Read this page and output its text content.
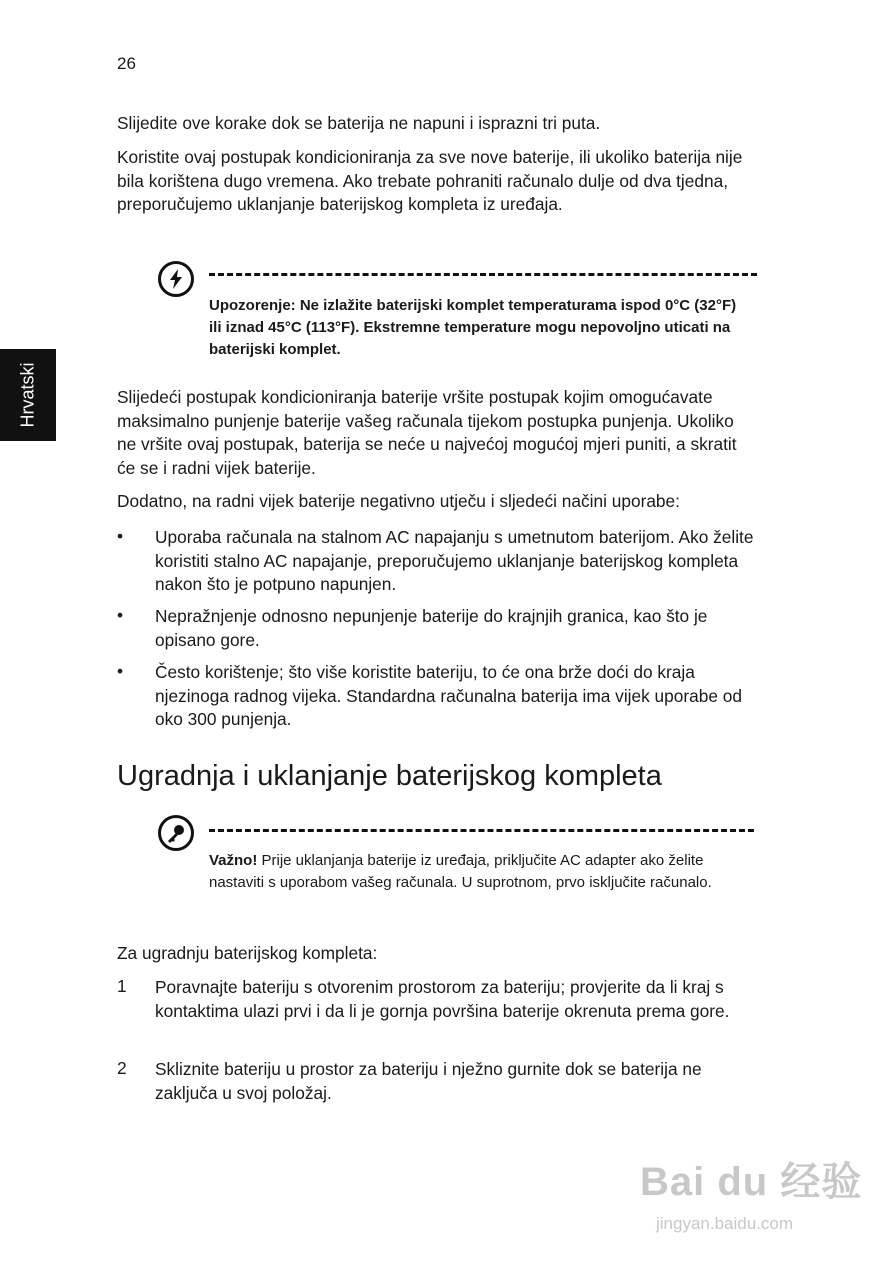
26
Hrvatski

Slijedite ove korake dok se baterija ne napuni i isprazni tri puta.

Koristite ovaj postupak kondicioniranja za sve nove baterije, ili ukoliko baterija nije bila korištena dugo vremena. Ako trebate pohraniti računalo dulje od dva tjedna, preporučujemo uklanjanje baterijskog kompleta iz uređaja.

Upozorenje: Ne izlažite baterijski komplet temperaturama ispod 0°C (32°F) ili iznad 45°C (113°F). Ekstremne temperature mogu nepovoljno uticati na baterijski komplet.

Slijedeći postupak kondicioniranja baterije vršite postupak kojim omogućavate maksimalno punjenje baterije vašeg računala tijekom postupka punjenja. Ukoliko ne vršite ovaj postupak, baterija se neće u najvećoj mogućoj mjeri puniti, a skratit će se i radni vijek baterije.

Dodatno, na radni vijek baterije negativno utječu i sljedeći načini uporabe:

• Uporaba računala na stalnom AC napajanju s umetnutom baterijom. Ako želite koristiti stalno AC napajanje, preporučujemo uklanjanje baterijskog kompleta nakon što je potpuno napunjen.

• Nepražnjenje odnosno nepunjenje baterije do krajnjih granica, kao što je opisano gore.

• Često korištenje; što više koristite bateriju, to će ona brže doći do kraja njezinoga radnog vijeka. Standardna računalna baterija ima vijek uporabe od oko 300 punjenja.

Ugradnja i uklanjanje baterijskog kompleta

Važno! Prije uklanjanja baterije iz uređaja, priključite AC adapter ako želite nastaviti s uporabom vašeg računala. U suprotnom, prvo isključite računalo.

Za ugradnju baterijskog kompleta:

1 Poravnajte bateriju s otvorenim prostorom za bateriju; provjerite da li kraj s kontaktima ulazi prvi i da li je gornja površina baterije okrenuta prema gore.

2 Skliznite bateriju u prostor za bateriju i nježno gurnite dok se baterija ne zaključa u svoj položaj.

Bai du 经验
jingyan.baidu.com
